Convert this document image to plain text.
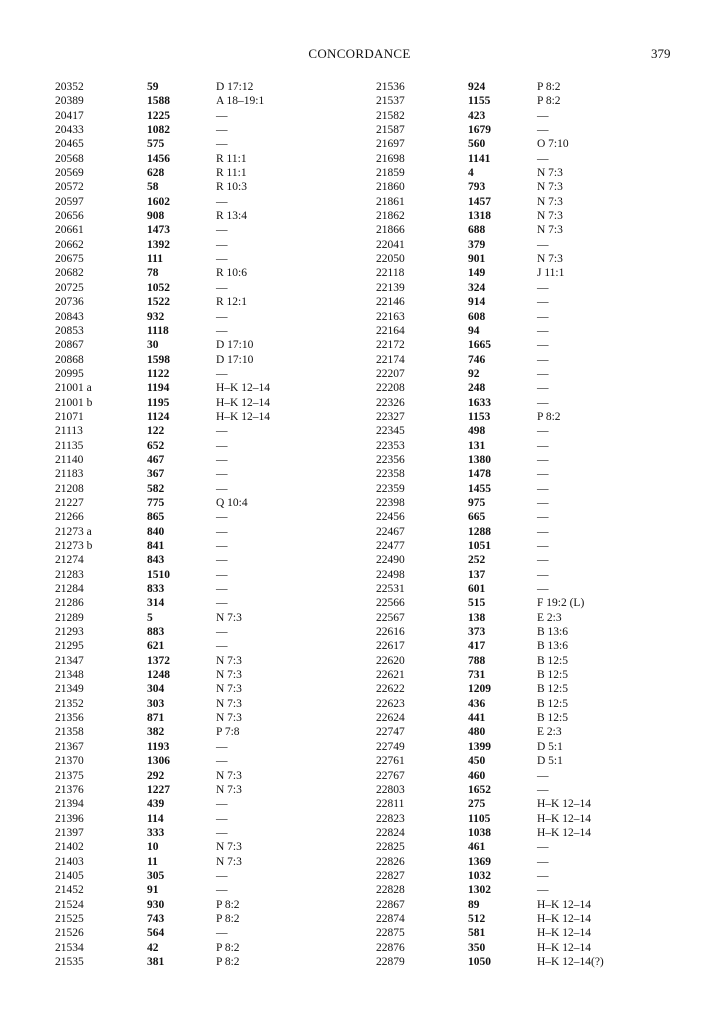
CONCORDANCE	379
20352	59	D 17:12
20389	1588	A 18–19:1
20417	1225	—
20433	1082	—
20465	575	—
20568	1456	R 11:1
20569	628	R 11:1
20572	58	R 10:3
20597	1602	—
20656	908	R 13:4
20661	1473	—
20662	1392	—
20675	111	—
20682	78	R 10:6
20725	1052	—
20736	1522	R 12:1
20843	932	—
20853	1118	—
20867	30	D 17:10
20868	1598	D 17:10
20995	1122	—
21001 a	1194	H–K 12–14
21001 b	1195	H–K 12–14
21071	1124	H–K 12–14
21113	122	—
21135	652	—
21140	467	—
21183	367	—
21208	582	—
21227	775	Q 10:4
21266	865	—
21273 a	840	—
21273 b	841	—
21274	843	—
21283	1510	—
21284	833	—
21286	314	—
21289	5	N 7:3
21293	883	—
21295	621	—
21347	1372	N 7:3
21348	1248	N 7:3
21349	304	N 7:3
21352	303	N 7:3
21356	871	N 7:3
21358	382	P 7:8
21367	1193	—
21370	1306	—
21375	292	N 7:3
21376	1227	N 7:3
21394	439	—
21396	114	—
21397	333	—
21402	10	N 7:3
21403	11	N 7:3
21405	305	—
21452	91	—
21524	930	P 8:2
21525	743	P 8:2
21526	564	—
21534	42	P 8:2
21535	381	P 8:2
21536	924	P 8:2
21537	1155	P 8:2
21582	423	—
21587	1679	—
21697	560	O 7:10
21698	1141	—
21859	4	N 7:3
21860	793	N 7:3
21861	1457	N 7:3
21862	1318	N 7:3
21866	688	N 7:3
22041	379	—
22050	901	N 7:3
22118	149	J 11:1
22139	324	—
22146	914	—
22163	608	—
22164	94	—
22172	1665	—
22174	746	—
22207	92	—
22208	248	—
22326	1633	—
22327	1153	P 8:2
22345	498	—
22353	131	—
22356	1380	—
22358	1478	—
22359	1455	—
22398	975	—
22456	665	—
22467	1288	—
22477	1051	—
22490	252	—
22498	137	—
22531	601	—
22566	515	F 19:2 (L)
22567	138	E 2:3
22616	373	B 13:6
22617	417	B 13:6
22620	788	B 12:5
22621	731	B 12:5
22622	1209	B 12:5
22623	436	B 12:5
22624	441	B 12:5
22747	480	E 2:3
22749	1399	D 5:1
22761	450	D 5:1
22767	460	—
22803	1652	—
22811	275	H–K 12–14
22823	1105	H–K 12–14
22824	1038	H–K 12–14
22825	461	—
22826	1369	—
22827	1032	—
22828	1302	—
22867	89	H–K 12–14
22874	512	H–K 12–14
22875	581	H–K 12–14
22876	350	H–K 12–14
22879	1050	H–K 12–14(?)
